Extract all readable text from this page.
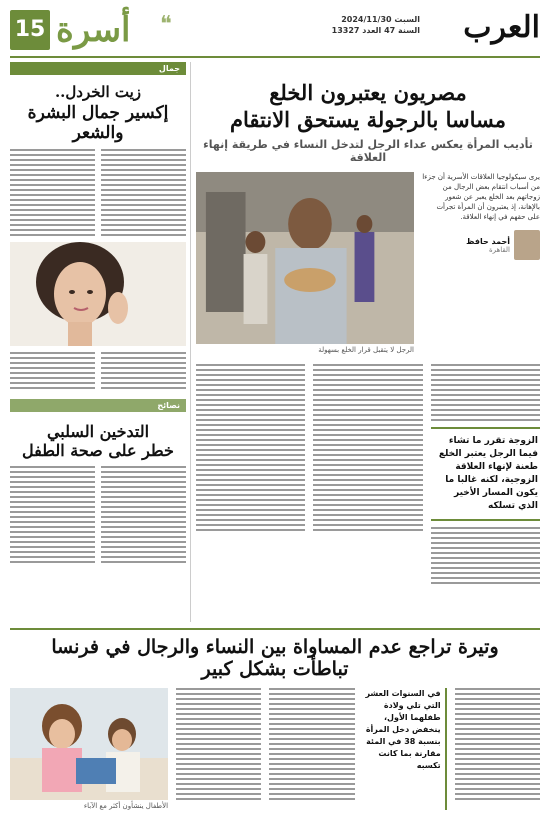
15 أسرة ❝	السبت 2024/11/30
السنة 47 العدد 13327 العرب
جمال
زيت الخردل..
إكسير جمال البشرة والشعر
نصائح
التدخين السلبي
خطر على صحة الطفل
مصريون يعتبرون الخلع
مساسا بالرجولة يستحق الانتقام
تأديب المرأة يعكس عداء الرجل لتدخل النساء في طريقة إنهاء العلاقة
يرى سيكولوجيا العلاقات الأسرية أن جزءا من أسباب انتقام بعض الرجال من زوجاتهم بعد الخلع يعبر عن شعور بالإهانة، إذ يعتبرون أن المرأة تجرأت على حقهم في إنهاء العلاقة.
أحمد حافظ
القاهرة
الرجل لا يتقبل قرار الخلع بسهولة
الزوجة تقرر ما تشاء فيما الرجل يعتبر الخلع طعنة لإنهاء العلاقة الزوجية، لكنه غالبا ما يكون المسار الأخير الذي تسلكه
وتيرة تراجع عدم المساواة بين النساء والرجال في فرنسا
تباطأت بشكل كبير
في السنوات العشر التي تلي ولادة طفلهما الأول، ينخفض دخل المرأة بنسبة 38 في المئة مقارنة بما كانت تكسبه
الأطفال ينشأون أكثر مع الآباء
